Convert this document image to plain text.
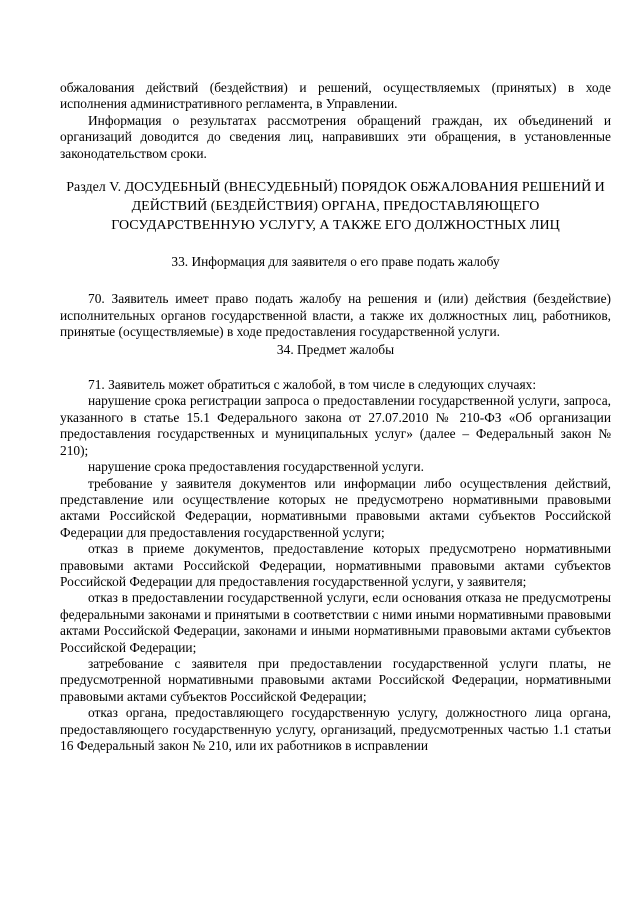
обжалования действий (бездействия) и решений, осуществляемых (принятых) в ходе исполнения административного регламента, в Управлении.

Информация о результатах рассмотрения обращений граждан, их объединений и организаций доводится до сведения лиц, направивших эти обращения, в установленные законодательством сроки.

Раздел V. ДОСУДЕБНЫЙ (ВНЕСУДЕБНЫЙ) ПОРЯДОК ОБЖАЛОВАНИЯ РЕШЕНИЙ И ДЕЙСТВИЙ (БЕЗДЕЙСТВИЯ) ОРГАНА, ПРЕДОСТАВЛЯЮЩЕГО ГОСУДАРСТВЕННУЮ УСЛУГУ, А ТАКЖЕ ЕГО ДОЛЖНОСТНЫХ ЛИЦ

33. Информация для заявителя о его праве подать жалобу

70. Заявитель имеет право подать жалобу на решения и (или) действия (бездействие) исполнительных органов государственной власти, а также их должностных лиц, работников, принятые (осуществляемые) в ходе предоставления государственной услуги.

34. Предмет жалобы

71. Заявитель может обратиться с жалобой, в том числе в следующих случаях:

нарушение срока регистрации запроса о предоставлении государственной услуги, запроса, указанного в статье 15.1 Федерального закона от 27.07.2010 № 210-ФЗ «Об организации предоставления государственных и муниципальных услуг» (далее – Федеральный закон № 210);

нарушение срока предоставления государственной услуги.

требование у заявителя документов или информации либо осуществления действий, представление или осуществление которых не предусмотрено нормативными правовыми актами Российской Федерации, нормативными правовыми актами субъектов Российской Федерации для предоставления государственной услуги;

отказ в приеме документов, предоставление которых предусмотрено нормативными правовыми актами Российской Федерации, нормативными правовыми актами субъектов Российской Федерации для предоставления государственной услуги, у заявителя;

отказ в предоставлении государственной услуги, если основания отказа не предусмотрены федеральными законами и принятыми в соответствии с ними иными нормативными правовыми актами Российской Федерации, законами и иными нормативными правовыми актами субъектов Российской Федерации;

затребование с заявителя при предоставлении государственной услуги платы, не предусмотренной нормативными правовыми актами Российской Федерации, нормативными правовыми актами субъектов Российской Федерации;

отказ органа, предоставляющего государственную услугу, должностного лица органа, предоставляющего государственную услугу, организаций, предусмотренных частью 1.1 статьи 16 Федеральный закон № 210, или их работников в исправлении
